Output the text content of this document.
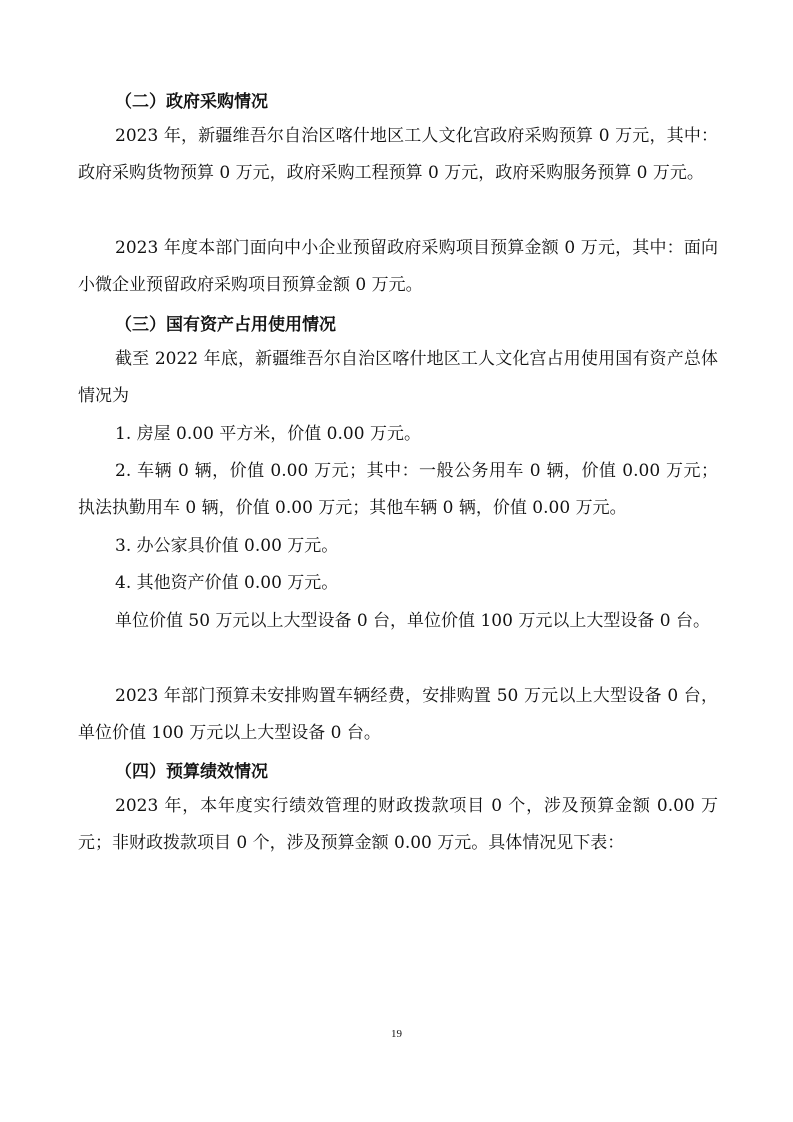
（二）政府采购情况

2023 年，新疆维吾尔自治区喀什地区工人文化宫政府采购预算 0 万元，其中：政府采购货物预算 0 万元，政府采购工程预算 0 万元，政府采购服务预算 0 万元。

2023 年度本部门面向中小企业预留政府采购项目预算金额 0 万元，其中：面向小微企业预留政府采购项目预算金额 0 万元。

（三）国有资产占用使用情况

截至 2022 年底，新疆维吾尔自治区喀什地区工人文化宫占用使用国有资产总体情况为

1. 房屋 0.00 平方米，价值 0.00 万元。

2. 车辆 0 辆，价值 0.00 万元；其中：一般公务用车 0 辆，价值 0.00 万元；执法执勤用车 0 辆，价值 0.00 万元；其他车辆 0 辆，价值 0.00 万元。

3. 办公家具价值 0.00 万元。

4. 其他资产价值 0.00 万元。

单位价值 50 万元以上大型设备 0 台，单位价值 100 万元以上大型设备 0 台。

2023 年部门预算未安排购置车辆经费，安排购置 50 万元以上大型设备 0 台，单位价值 100 万元以上大型设备 0 台。

（四）预算绩效情况

2023 年，本年度实行绩效管理的财政拨款项目 0 个，涉及预算金额 0.00 万元；非财政拨款项目 0 个，涉及预算金额 0.00 万元。具体情况见下表：

19
